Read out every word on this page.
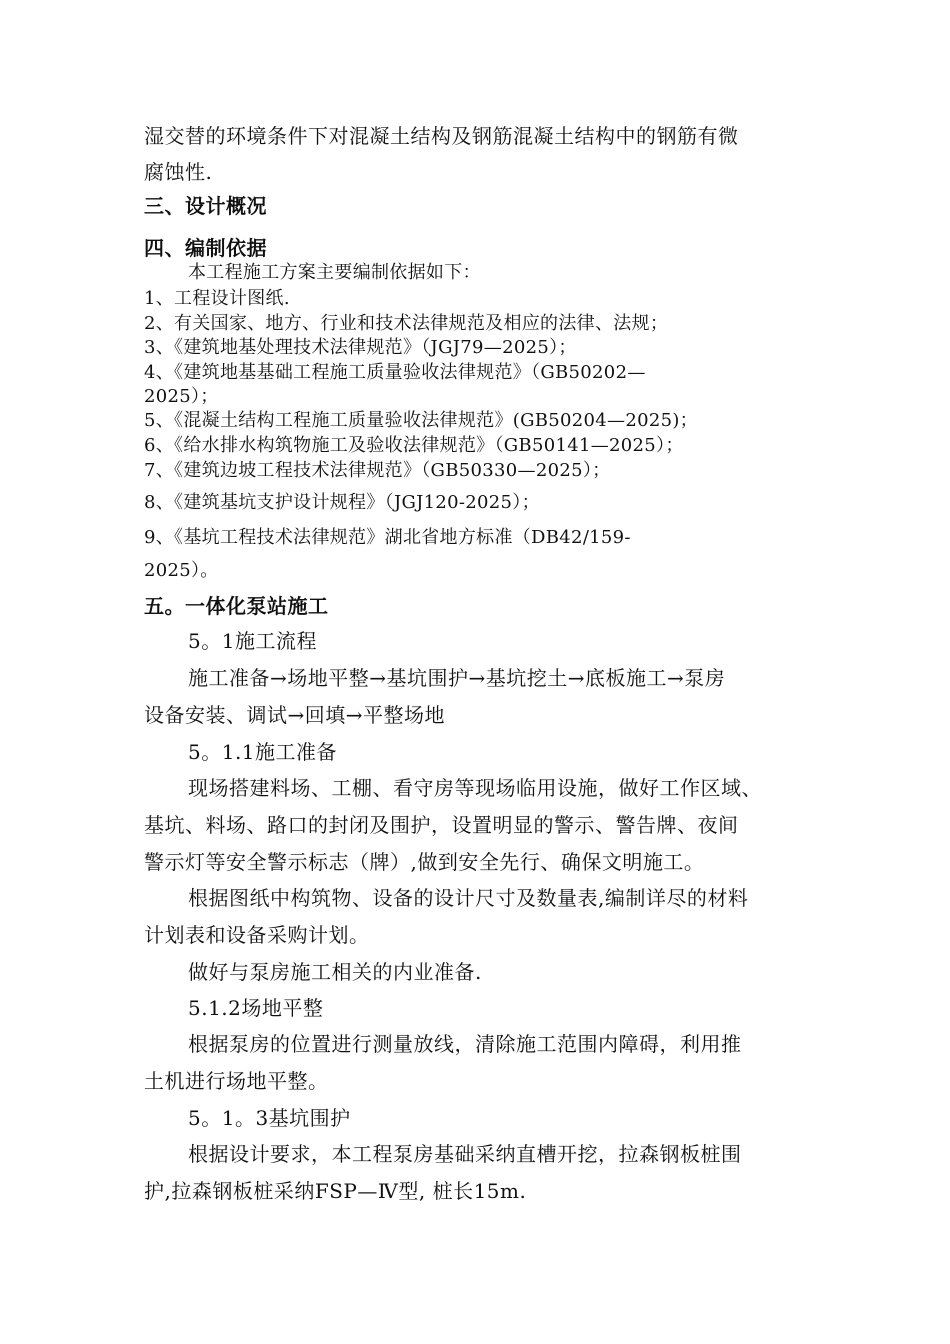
湿交替的环境条件下对混凝土结构及钢筋混凝土结构中的钢筋有微

腐蚀性.

三、设计概况

四、编制依据

本工程施工方案主要编制依据如下：

1、工程设计图纸.

2、有关国家、地方、行业和技术法律规范及相应的法律、法规；

3、《建筑地基处理技术法律规范》（JGJ79—2025）；

4、《建筑地基基础工程施工质量验收法律规范》（GB50202—

2025）；

5、《混凝土结构工程施工质量验收法律规范》(GB50204—2025)；

6、《给水排水构筑物施工及验收法律规范》（GB50141—2025）；

7、《建筑边坡工程技术法律规范》（GB50330—2025）；

8、《建筑基坑支护设计规程》（JGJ120-2025）；

9、《基坑工程技术法律规范》湖北省地方标准（DB42/159-

2025）。

五。一体化泵站施工

5。1施工流程

施工准备→场地平整→基坑围护→基坑挖土→底板施工→泵房

设备安装、调试→回填→平整场地

5。1.1施工准备

现场搭建料场、工棚、看守房等现场临用设施，做好工作区域、

基坑、料场、路口的封闭及围护，设置明显的警示、警告牌、夜间

警示灯等安全警示标志（牌）,做到安全先行、确保文明施工。

根据图纸中构筑物、设备的设计尺寸及数量表,编制详尽的材料

计划表和设备采购计划。

做好与泵房施工相关的内业准备.

5.1.2场地平整

根据泵房的位置进行测量放线，清除施工范围内障碍，利用推

土机进行场地平整。

5。1。3基坑围护

根据设计要求，本工程泵房基础采纳直槽开挖，拉森钢板桩围

护,拉森钢板桩采纳FSP—Ⅳ型, 桩长15m.
